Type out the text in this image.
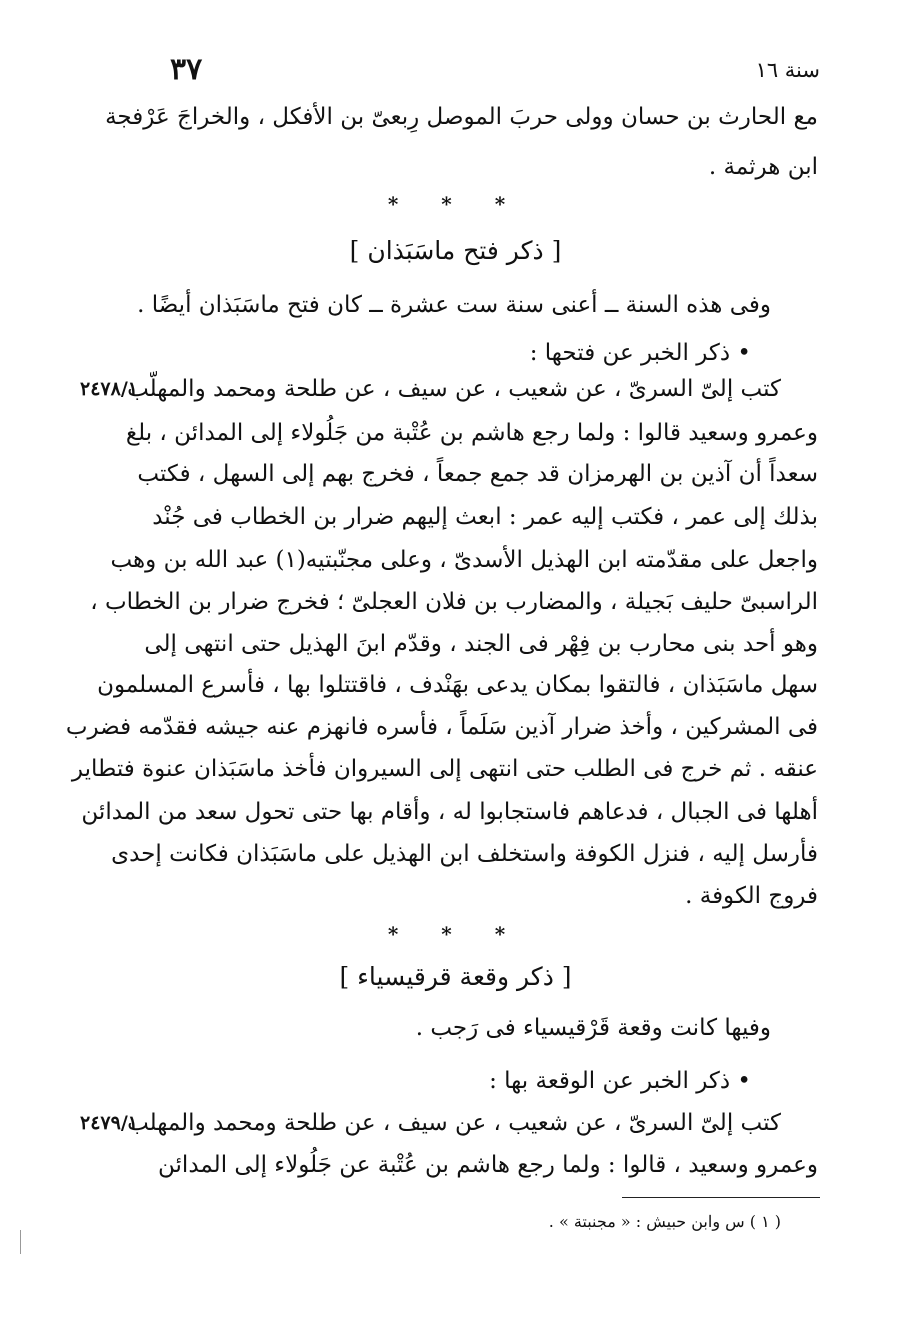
٣٧	سنة ١٦
مع الحارث بن حسان وولى حربَ الموصل رِبعىّ بن الأفكل ، والخراجَ عَرْفجة
ابن هرثمة .
* * *
[ ذكر فتح ماسَبَذان ]
وفى هذه السنة ــ أعنى سنة ست عشرة ــ كان فتح ماسَبَذان أيضًا .
• ذكر الخبر عن فتحها :
٢٤٧٨/١
كتب إلىّ السرىّ ، عن شعيب ، عن سيف ، عن طلحة ومحمد والمهلّب
وعمرو وسعيد قالوا : ولما رجع هاشم بن عُتْبة من جَلُولاء إلى المدائن ، بلغ
سعداً أن آذين بن الهرمزان قد جمع جمعاً ، فخرج بهم إلى السهل ، فكتب
بذلك إلى عمر ، فكتب إليه عمر : ابعث إليهم ضرار بن الخطاب فى جُنْد
واجعل على مقدّمته ابن الهذيل الأسدىّ ، وعلى مجنّبتيه(١) عبد الله بن وهب
الراسبىّ حليف بَجيلة ، والمضارب بن فلان العجلىّ ؛ فخرج ضرار بن الخطاب ،
وهو أحد بنى محارب بن فِهْر فى الجند ، وقدّم ابنَ الهذيل حتى انتهى إلى
سهل ماسَبَذان ، فالتقوا بمكان يدعى بهَنْدف ، فاقتتلوا بها ، فأسرع المسلمون
فى المشركين ، وأخذ ضرار آذين سَلَماً ، فأسره فانهزم عنه جيشه فقدّمه فضرب
عنقه . ثم خرج فى الطلب حتى انتهى إلى السيروان فأخذ ماسَبَذان عنوة فتطاير
أهلها فى الجبال ، فدعاهم فاستجابوا له ، وأقام بها حتى تحول سعد من المدائن
فأرسل إليه ، فنزل الكوفة واستخلف ابن الهذيل على ماسَبَذان فكانت إحدى
فروج الكوفة .
* * *
[ ذكر وقعة قرقيسياء ]
وفيها كانت وقعة قَرْقيسياء فى رَجب .
• ذكر الخبر عن الوقعة بها :
٢٤٧٩/١
كتب إلىّ السرىّ ، عن شعيب ، عن سيف ، عن طلحة ومحمد والمهلب
وعمرو وسعيد ، قالوا : ولما رجع هاشم بن عُتْبة عن جَلُولاء إلى المدائن
( ١ ) س وابن حبيش : « مجنبتة » .
